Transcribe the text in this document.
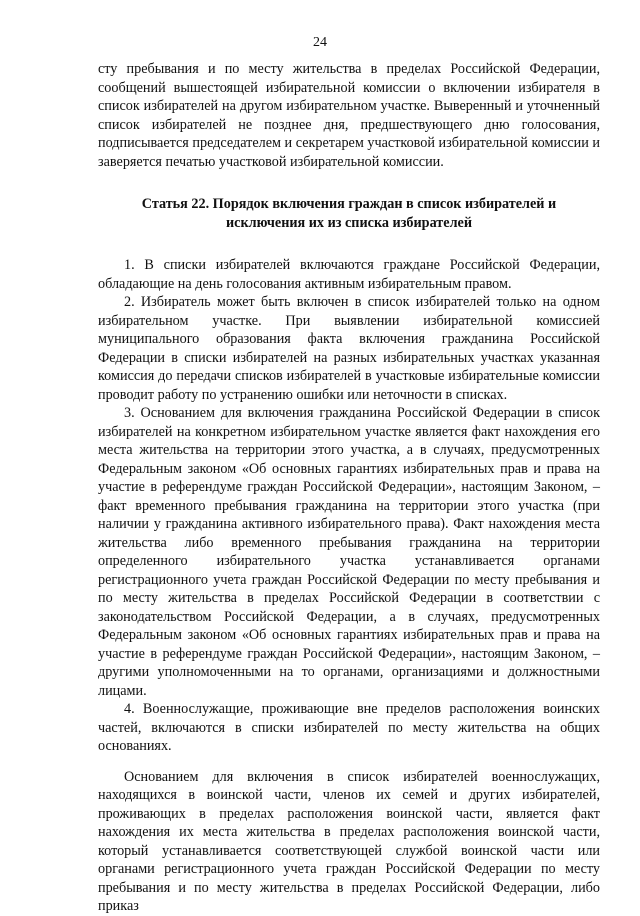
24

сту пребывания и по месту жительства в пределах Российской Федерации, сообщений вышестоящей избирательной комиссии о включении избирателя в список избирателей на другом избирательном участке. Выверенный и уточненный список избирателей не позднее дня, предшествующего дню голосования, подписывается председателем и секретарем участковой избирательной комиссии и заверяется печатью участковой избирательной комиссии.

Статья 22. Порядок включения граждан в список избирателей и исключения их из списка избирателей

1. В списки избирателей включаются граждане Российской Федерации, обладающие на день голосования активным избирательным правом.

2. Избиратель может быть включен в список избирателей только на одном избирательном участке. При выявлении избирательной комиссией муниципального образования факта включения гражданина Российской Федерации в списки избирателей на разных избирательных участках указанная комиссия до передачи списков избирателей в участковые избирательные комиссии проводит работу по устранению ошибки или неточности в списках.

3. Основанием для включения гражданина Российской Федерации в список избирателей на конкретном избирательном участке является факт нахождения его места жительства на территории этого участка, а в случаях, предусмотренных Федеральным законом «Об основных гарантиях избирательных прав и права на участие в референдуме граждан Российской Федерации», настоящим Законом, – факт временного пребывания гражданина на территории этого участка (при наличии у гражданина активного избирательного права). Факт нахождения места жительства либо временного пребывания гражданина на территории определенного избирательного участка устанавливается органами регистрационного учета граждан Российской Федерации по месту пребывания и по месту жительства в пределах Российской Федерации в соответствии с законодательством Российской Федерации, а в случаях, предусмотренных Федеральным законом «Об основных гарантиях избирательных прав и права на участие в референдуме граждан Российской Федерации», настоящим Законом, – другими уполномоченными на то органами, организациями и должностными лицами.

4. Военнослужащие, проживающие вне пределов расположения воинских частей, включаются в списки избирателей по месту жительства на общих основаниях.

Основанием для включения в список избирателей военнослужащих, находящихся в воинской части, членов их семей и других избирателей, проживающих в пределах расположения воинской части, является факт нахождения их места жительства в пределах расположения воинской части, который устанавливается соответствующей службой воинской части или органами регистрационного учета граждан Российской Федерации по месту пребывания и по месту жительства в пределах Российской Федерации, либо приказ
